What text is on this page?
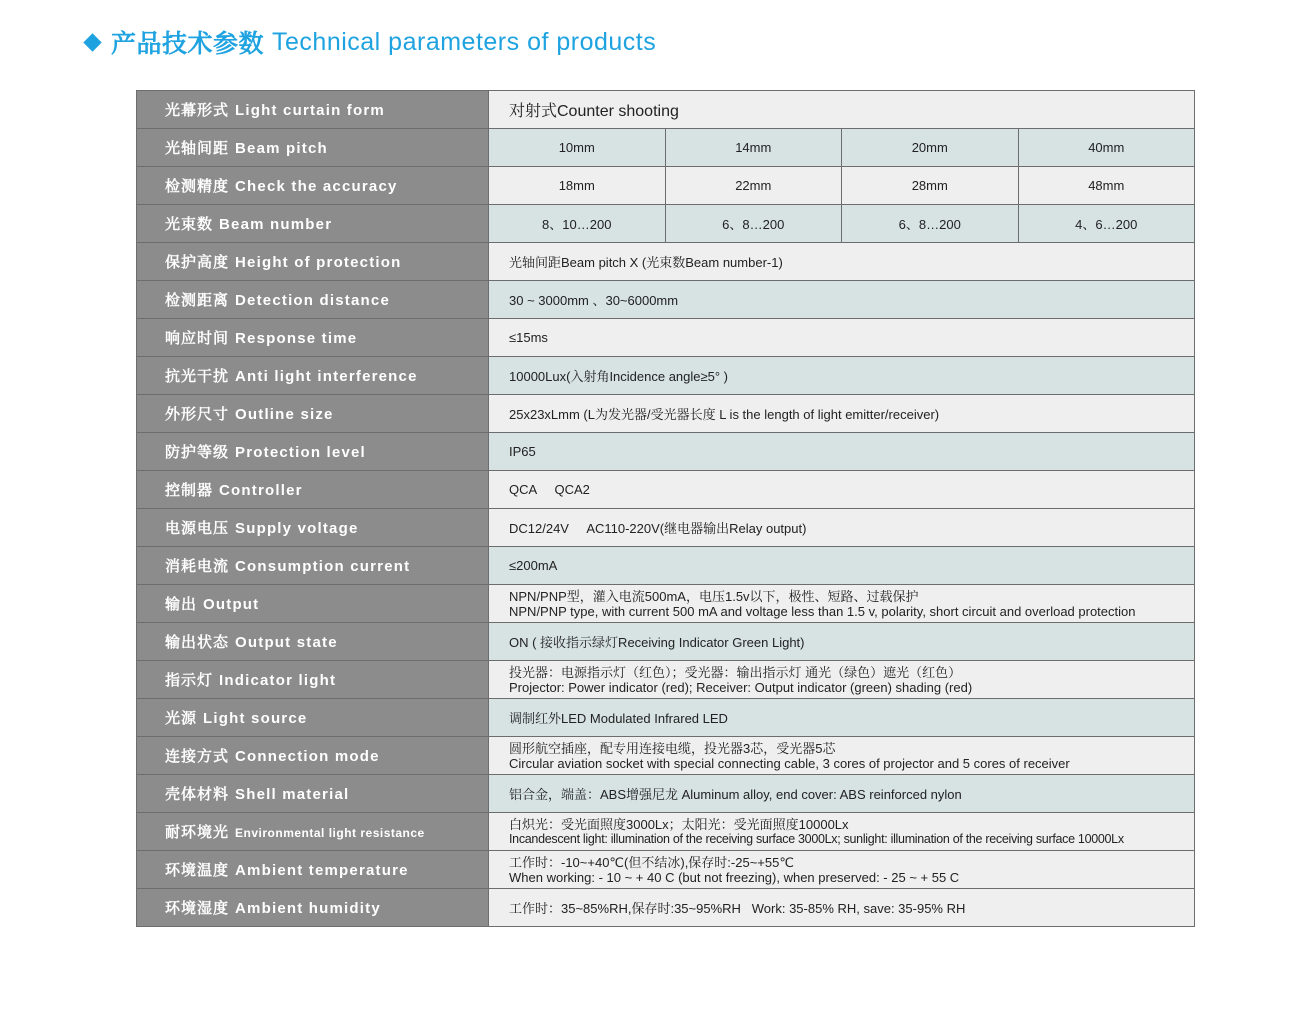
产品技术参数 Technical parameters of products
光幕形式 Light curtain form	对射式Counter shooting			
光轴间距 Beam pitch	10mm	14mm	20mm	40mm
检测精度 Check the accuracy	18mm	22mm	28mm	48mm
光束数 Beam number	8、10…200	6、8…200	6、8…200	4、6…200
保护高度 Height of protection	光轴间距Beam pitch X (光束数Beam number-1)			
检测距离 Detection distance	30 ~ 3000mm 、30~6000mm			
响应时间 Response time	≤15ms			
抗光干扰 Anti light interference	10000Lux(入射角Incidence angle≥5° )			
外形尺寸 Outline size	25x23xLmm (L为发光器/受光器长度 L is the length of light emitter/receiver)			
防护等级 Protection level	IP65			
控制器 Controller	QCA     QCA2			
电源电压 Supply voltage	DC12/24V     AC110-220V(继电器输出Relay output)			
消耗电流 Consumption current	≤200mA			
输出 Output	NPN/PNP型，灌入电流500mA，电压1.5v以下，极性、短路、过载保护
NPN/PNP type, with current 500 mA and voltage less than 1.5 v, polarity, short circuit and overload protection			

输出状态 Output state	ON ( 接收指示绿灯Receiving Indicator Green Light)			
指示灯 Indicator light	投光器：电源指示灯（红色）；受光器：输出指示灯 通光（绿色）遮光（红色）
Projector: Power indicator (red); Receiver: Output indicator (green) shading (red)			

光源 Light source	调制红外LED Modulated Infrared LED			
连接方式 Connection mode	圆形航空插座，配专用连接电缆，投光器3芯，受光器5芯
Circular aviation socket with special connecting cable, 3 cores of projector and 5 cores of receiver			

壳体材料 Shell material	铝合金，端盖：ABS增强尼龙 Aluminum alloy, end cover: ABS reinforced nylon			
耐环境光 Environmental light resistance	白炽光：受光面照度3000Lx；太阳光：受光面照度10000Lx
Incandescent light: illumination of the receiving surface 3000Lx; sunlight: illumination of the receiving surface 10000Lx			

环境温度 Ambient temperature	工作时：-10~+40℃(但不结冰),保存时:-25~+55℃
When working: - 10 ~ + 40 C (but not freezing), when preserved: - 25 ~ + 55 C			

环境湿度 Ambient humidity	工作时：35~85%RH,保存时:35~95%RH   Work: 35-85% RH, save: 35-95% RH			
